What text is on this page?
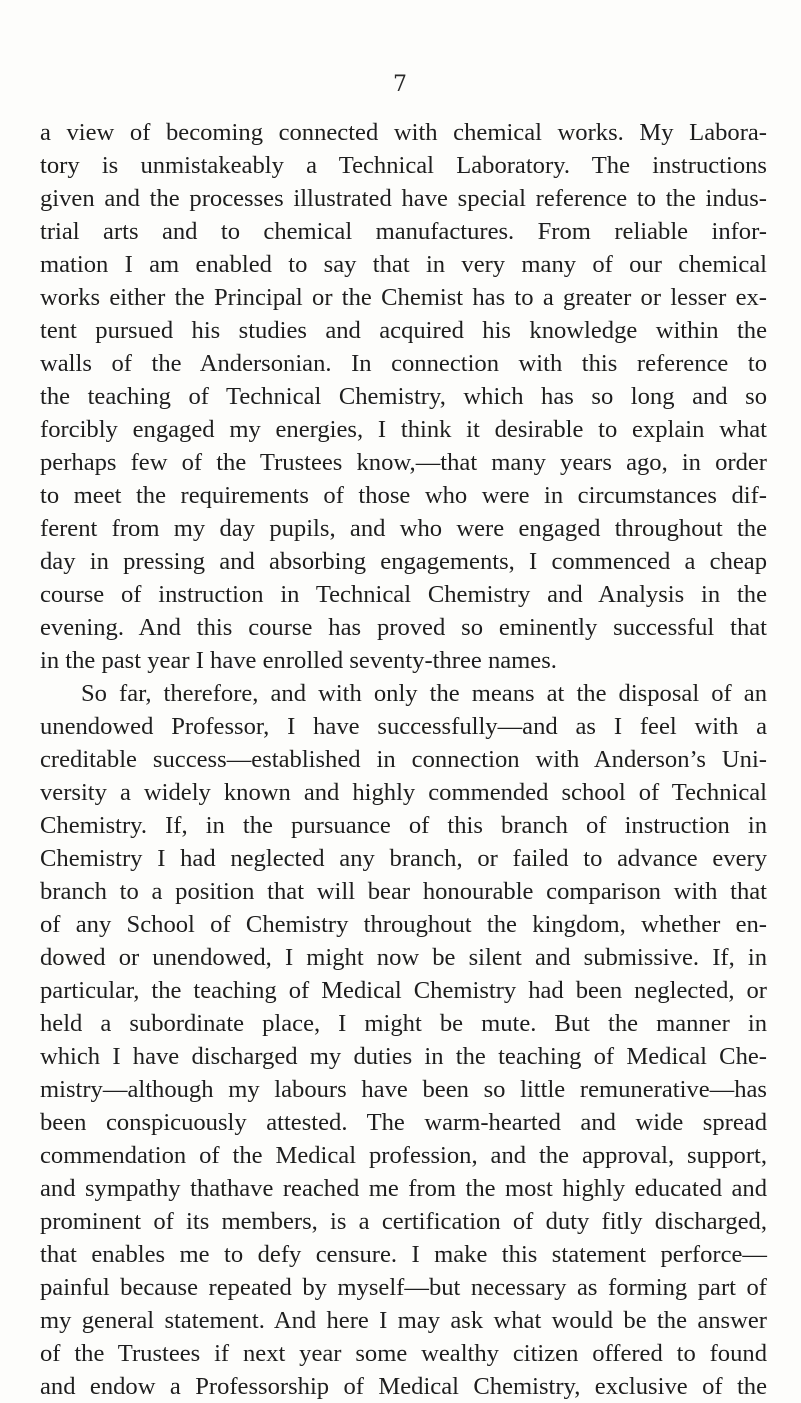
7
a view of becoming connected with chemical works. My Labora-
tory is unmistakeably a Technical Laboratory. The instructions
given and the processes illustrated have special reference to the indus-
trial arts and to chemical manufactures. From reliable infor-
mation I am enabled to say that in very many of our chemical
works either the Principal or the Chemist has to a greater or lesser ex-
tent pursued his studies and acquired his knowledge within the
walls of the Andersonian. In connection with this reference to
the teaching of Technical Chemistry, which has so long and so
forcibly engaged my energies, I think it desirable to explain what
perhaps few of the Trustees know,—that many years ago, in order
to meet the requirements of those who were in circumstances dif-
ferent from my day pupils, and who were engaged throughout the
day in pressing and absorbing engagements, I commenced a cheap
course of instruction in Technical Chemistry and Analysis in the
evening. And this course has proved so eminently successful that
in the past year I have enrolled seventy-three names.
So far, therefore, and with only the means at the disposal of an
unendowed Professor, I have successfully—and as I feel with a
creditable success—established in connection with Anderson’s Uni-
versity a widely known and highly commended school of Technical
Chemistry. If, in the pursuancе of this branch of instruction in
Chemistry I had neglected any branch, or failed to advance every
branch to a position that will bear honourable comparison with that
of any School of Chemistry throughout the kingdom, whether en-
dowed or unendowed, I might now be silent and submissive. If, in
particular, the teaching of Medical Chemistry had been neglected, or
held a subordinatе place, I might be mute. But the manner in
which I have discharged my duties in the teaching of Medical Che-
mistry—although my labours have been so little remunerative—has
been conspicuously attested. The warm-hearted and wide spread
commendation of the Medical profession, and the approval, support,
and sympathy thathave reached me from the most highly educated and
prominent of its members, is a certification of duty fitly discharged,
that enables me to defy censure. I make this statement perforce—
painful because repeated by myself—but necessary as forming part of
my general statement. And here I may ask what would be the answer
of the Trustees if next year some wealthy citizen offered to found
and endow a Professorship of Medical Chemistry, exclusive of the
